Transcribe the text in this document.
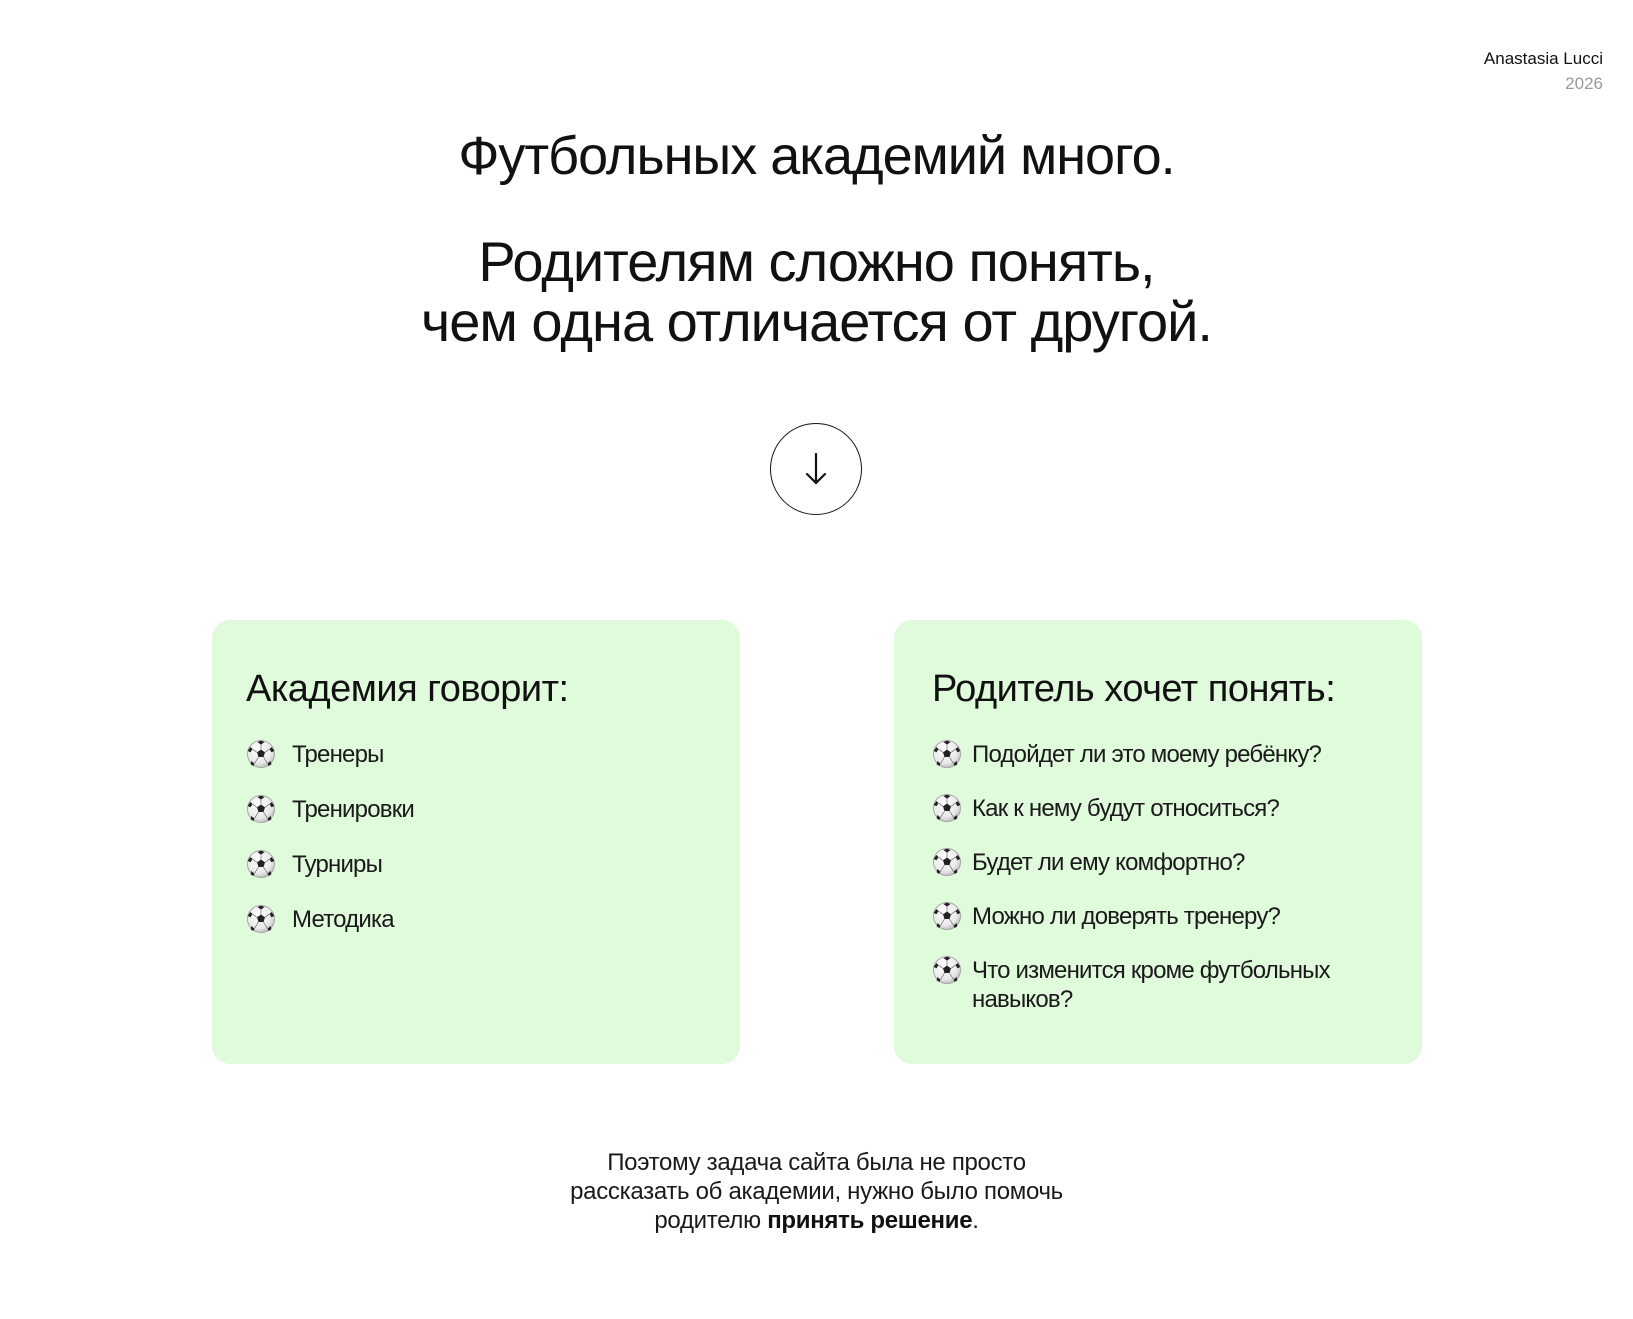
Anastasia Lucci
2026
Футбольных академий много.
Родителям сложно понять,
чем одна отличается от другой.
Академия говорит:
Тренеры
Тренировки
Турниры
Методика
Родитель хочет понять:
Подойдет ли это моему ребёнку?
Как к нему будут относиться?
Будет ли ему комфортно?
Можно ли доверять тренеру?
Что изменится кроме футбольных навыков?

Поэтому задача сайта была не просто
рассказать об академии, нужно было помочь
родителю принять решение.
